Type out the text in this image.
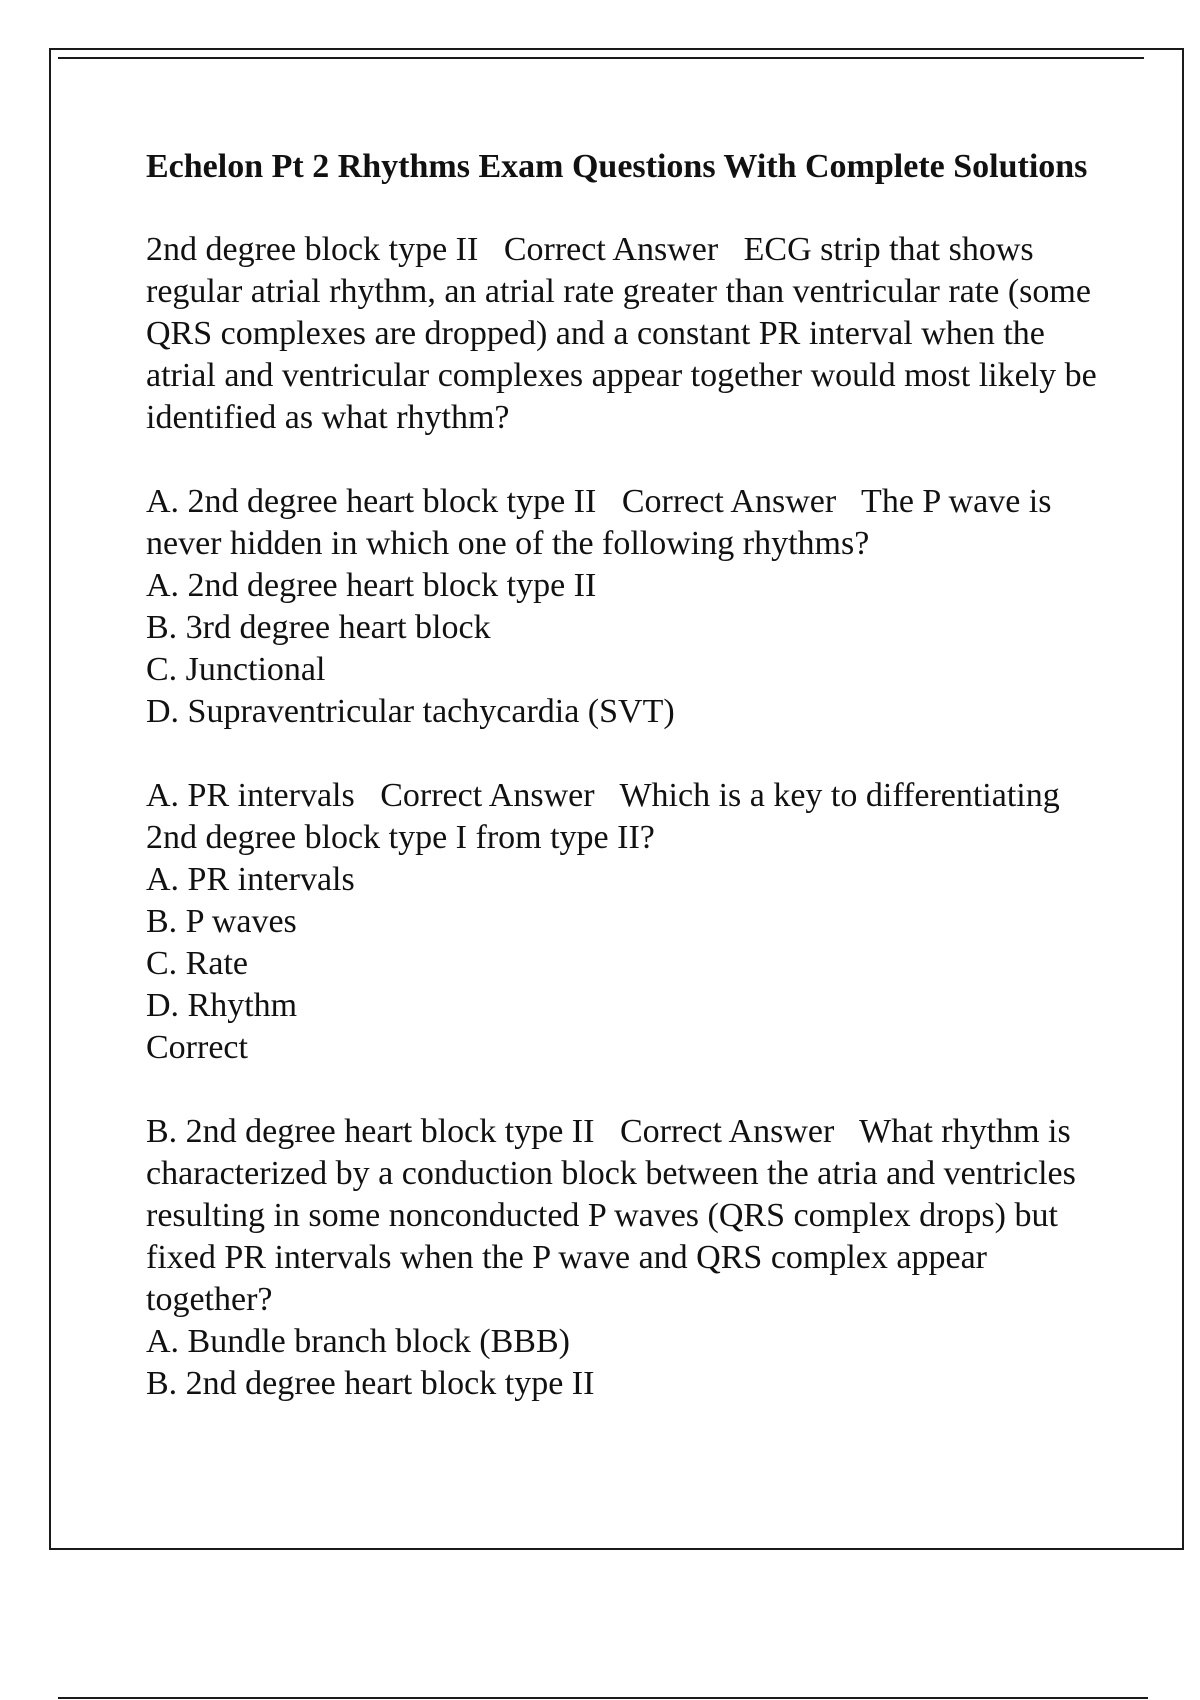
Echelon Pt 2 Rhythms Exam Questions With Complete Solutions

2nd degree block type II Correct Answer ECG strip that shows regular atrial rhythm, an atrial rate greater than ventricular rate (some QRS complexes are dropped) and a constant PR interval when the atrial and ventricular complexes appear together would most likely be identified as what rhythm?

A. 2nd degree heart block type II Correct Answer The P wave is never hidden in which one of the following rhythms?

A. 2nd degree heart block type II
B. 3rd degree heart block
C. Junctional
D. Supraventricular tachycardia (SVT)

A. PR intervals Correct Answer Which is a key to differentiating 2nd degree block type I from type II?

A. PR intervals
B. P waves
C. Rate
D. Rhythm
Correct

B. 2nd degree heart block type II Correct Answer What rhythm is characterized by a conduction block between the atria and ventricles resulting in some nonconducted P waves (QRS complex drops) but fixed PR intervals when the P wave and QRS complex appear together?

A. Bundle branch block (BBB)
B. 2nd degree heart block type II
